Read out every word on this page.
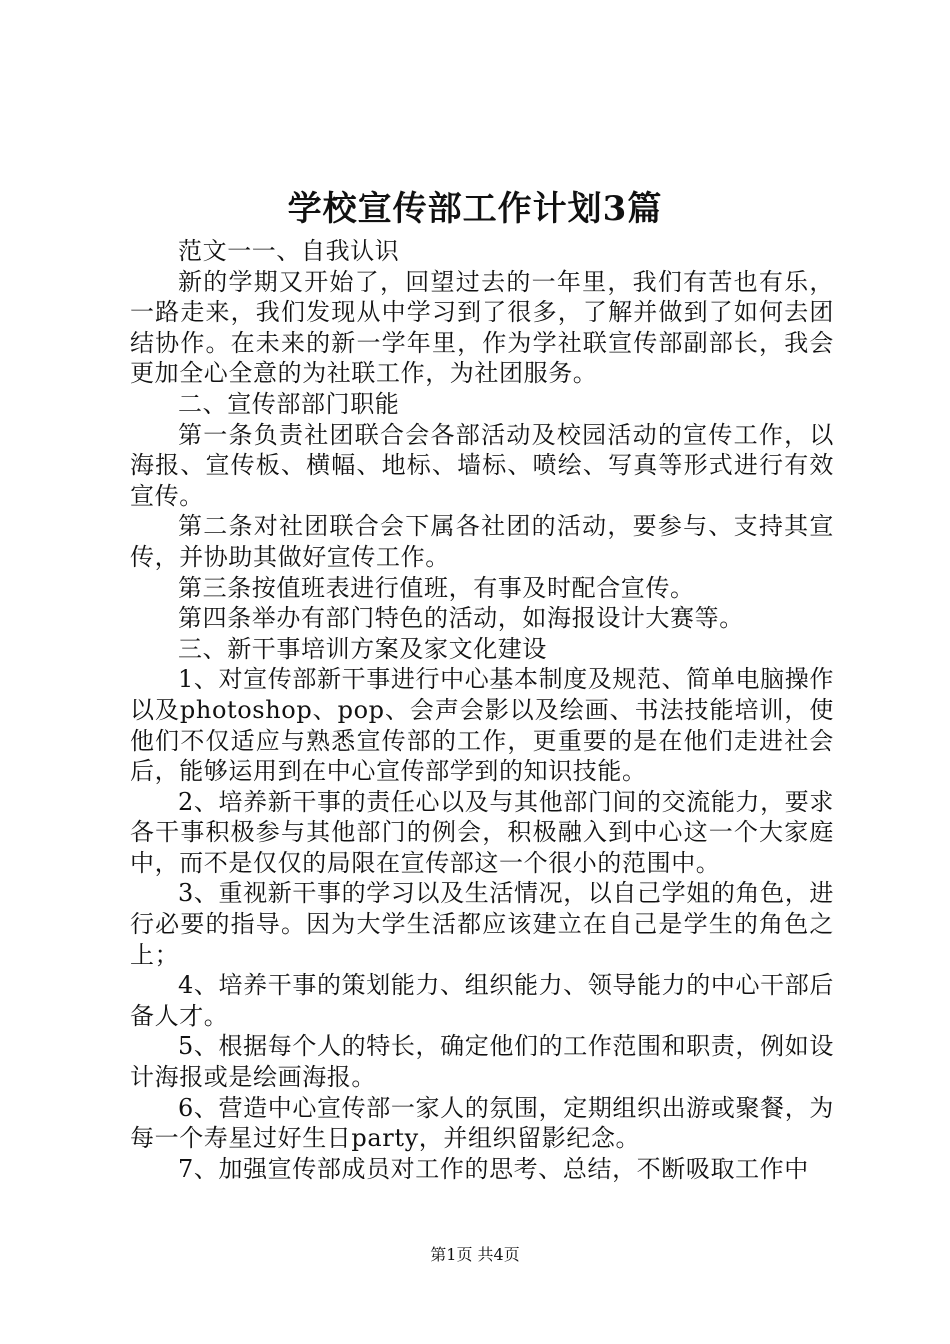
学校宣传部工作计划3篇

范文一一、自我认识

新的学期又开始了，回望过去的一年里，我们有苦也有乐，一路走来，我们发现从中学习到了很多，了解并做到了如何去团结协作。在未来的新一学年里，作为学社联宣传部副部长，我会更加全心全意的为社联工作，为社团服务。

二、宣传部部门职能

第一条负责社团联合会各部活动及校园活动的宣传工作，以海报、宣传板、横幅、地标、墙标、喷绘、写真等形式进行有效宣传。

第二条对社团联合会下属各社团的活动，要参与、支持其宣传，并协助其做好宣传工作。

第三条按值班表进行值班，有事及时配合宣传。

第四条举办有部门特色的活动，如海报设计大赛等。

三、新干事培训方案及家文化建设

1、对宣传部新干事进行中心基本制度及规范、简单电脑操作以及photoshop、pop、会声会影以及绘画、书法技能培训，使他们不仅适应与熟悉宣传部的工作，更重要的是在他们走进社会后，能够运用到在中心宣传部学到的知识技能。

2、培养新干事的责任心以及与其他部门间的交流能力，要求各干事积极参与其他部门的例会，积极融入到中心这一个大家庭中，而不是仅仅的局限在宣传部这一个很小的范围中。

3、重视新干事的学习以及生活情况，以自己学姐的角色，进行必要的指导。因为大学生活都应该建立在自己是学生的角色之上；

4、培养干事的策划能力、组织能力、领导能力的中心干部后备人才。

5、根据每个人的特长，确定他们的工作范围和职责，例如设计海报或是绘画海报。

6、营造中心宣传部一家人的氛围，定期组织出游或聚餐，为每一个寿星过好生日party，并组织留影纪念。

7、加强宣传部成员对工作的思考、总结，不断吸取工作中

第1页 共4页
